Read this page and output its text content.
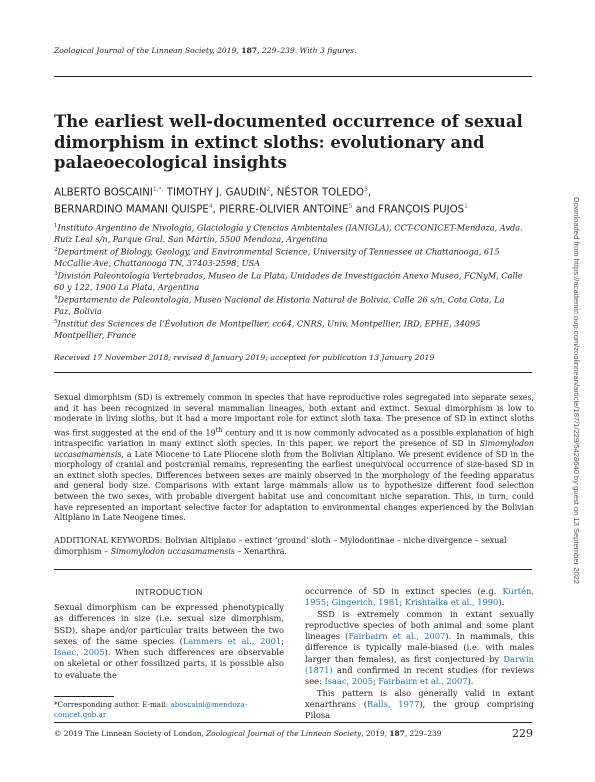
Zoological Journal of the Linnean Society, 2019, 187, 229–239. With 3 figures.
The earliest well-documented occurrence of sexual dimorphism in extinct sloths: evolutionary and palaeoecological insights
ALBERTO $BOSCAINI^{1,*,}$ TIMOTHY J. GAUDIN$^2$, NÉSTOR TOLEDO$^3$,
BERNARDINO MAMANI QUISPE$^4$, PIERRE-OLIVIER ANTOINE$^5$ and FRANÇOIS PUJOS$^1$
$^1$Instituto Argentino de Nivología, Glaciología y Ciencias Ambientales (IANIGLA), CCT-CONICET-Mendoza, Avda. Ruiz Leal s/n, Parque Gral. San Martín, 5500 Mendoza, Argentina
$^2$Department of Biology, Geology, and Environmental Science, University of Tennessee at Chattanooga, 615 McCallie Ave, Chattanooga TN, 37403-2598, USA
$^3$División Paleontología Vertebrados, Museo de La Plata, Unidades de Investigación Anexo Museo, FCNyM, Calle 60 y 122, 1900 La Plata, Argentina
$^4$Departamento de Paleontología, Museo Nacional de Historia Natural de Bolivia, Calle 26 s/n, Cota Cota, La Paz, Bolivia
$^5$Institut des Sciences de l’Évolution de Montpellier, cc64, CNRS, Univ. Montpellier, IRD, EPHE, 34095 Montpellier, France
Received 17 November 2018; revised 8 January 2019; accepted for publication 13 January 2019
Sexual dimorphism (SD) is extremely common in species that have reproductive roles segregated into separate sexes, and it has been recognized in several mammalian lineages, both extant and extinct. Sexual dimorphism is low to moderate in living sloths, but it had a more important role for extinct sloth taxa. The presence of SD in extinct sloths was first suggested at the end of the 19th century and it is now commonly advocated as a possible explanation of high intraspecific variation in many extinct sloth species. In this paper, we report the presence of SD in Simomylodon uccasamamensis, a Late Miocene to Late Pliocene sloth from the Bolivian Altiplano. We present evidence of SD in the morphology of cranial and postcranial remains, representing the earliest unequivocal occurrence of size-based SD in an extinct sloth species. Differences between sexes are mainly observed in the morphology of the feeding apparatus and general body size. Comparisons with extant large mammals allow us to hypothesize different food selection between the two sexes, with probable divergent habitat use and concomitant niche separation. This, in turn, could have represented an important selective factor for adaptation to environmental changes experienced by the Bolivian Altiplano in Late Neogene times.
ADDITIONAL KEYWORDS: Bolivian Altiplano – extinct ‘ground’ sloth – Mylodontinae – niche divergence – sexual dimorphism – Simomylodon uccasamamensis – Xenarthra.
INTRODUCTION

Sexual dimorphism can be expressed phenotypically as differences in size (i.e. sexual size dimorphism, SSD), shape and/or particular traits between the two sexes of the same species (Lammers et al., 2001; Isaac, 2005). When such differences are observable on skeletal or other fossilized parts, it is possible also to evaluate the

occurrence of SD in extinct species (e.g. Kurtén, 1955; Gingerich, 1981; Krishtalka et al., 1990).

SSD is extremely common in extant sexually reproductive species of both animal and some plant lineages (Fairbairn et al., 2007). In mammals, this difference is typically male-biased (i.e. with males larger than females), as first conjectured by Darwin (1871) and confirmed in recent studies (for reviews see: Isaac, 2005; Fairbairn et al., 2007).

This pattern is also generally valid in extant xenarthrans (Ralls, 1977), the group comprising Pilosa

*Corresponding author. E-mail: aboscaini@mendoza-conicet.gob.ar
© 2019 The Linnean Society of London, Zoological Journal of the Linnean Society, 2019, 187, 229–239	229
Downloaded from https://academic.oup.com/zoolinnean/article/187/1/229/5428640 by guest on 13 September 2022
